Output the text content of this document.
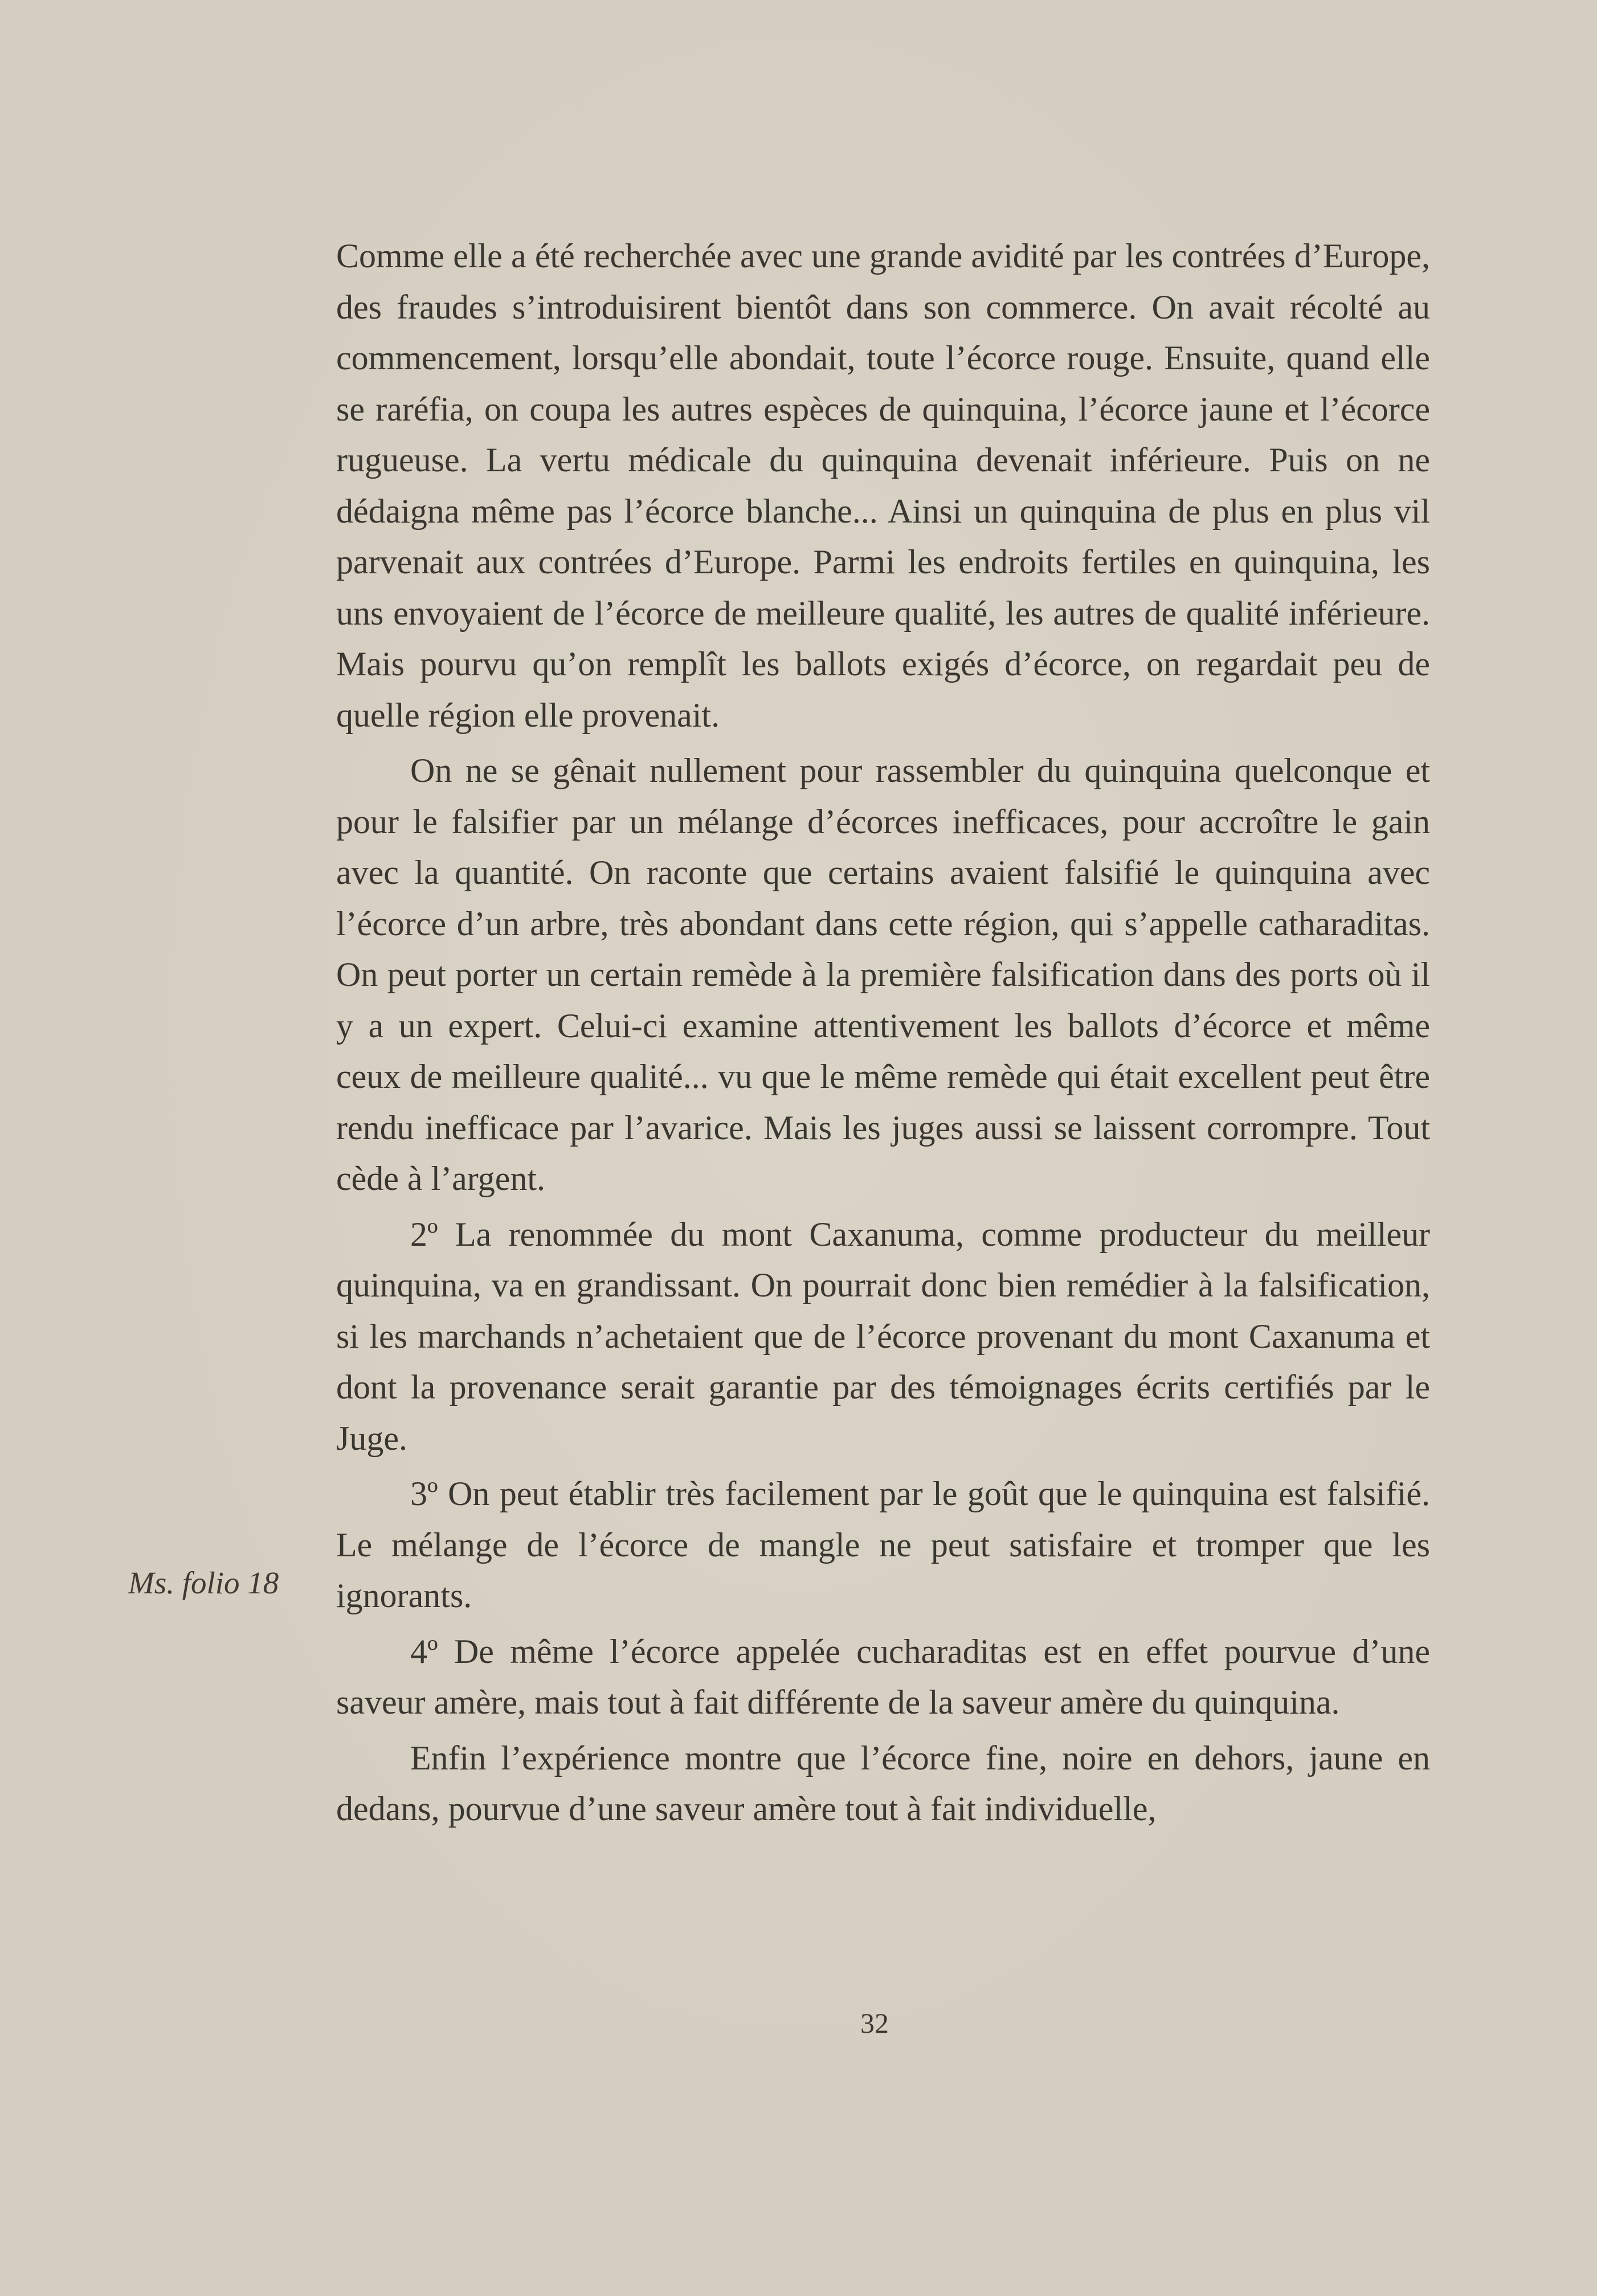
Comme elle a été recherchée avec une grande avidité par les contrées d’Europe, des fraudes s’introduisirent bientôt dans son commerce. On avait récolté au commencement, lorsqu’elle abondait, toute l’écorce rouge. Ensuite, quand elle se raréfia, on coupa les autres espèces de quinquina, l’écorce jaune et l’écorce rugueuse. La vertu médicale du quinquina devenait inférieure. Puis on ne dédaigna même pas l’écorce blanche... Ainsi un quinquina de plus en plus vil parvenait aux contrées d’Europe. Parmi les endroits fertiles en quinquina, les uns envoyaient de l’écorce de meilleure qualité, les autres de qualité inférieure. Mais pourvu qu’on remplît les ballots exigés d’écorce, on regardait peu de quelle région elle provenait.

On ne se gênait nullement pour rassembler du quinquina quelconque et pour le falsifier par un mélange d’écorces inefficaces, pour accroître le gain avec la quantité. On raconte que certains avaient falsifié le quinquina avec l’écorce d’un arbre, très abondant dans cette région, qui s’appelle catharaditas. On peut porter un certain remède à la première falsification dans des ports où il y a un expert. Celui-ci examine attentivement les ballots d’écorce et même ceux de meilleure qualité... vu que le même remède qui était excellent peut être rendu inefficace par l’avarice. Mais les juges aussi se laissent corrompre. Tout cède à l’argent.

2º La renommée du mont Caxanuma, comme producteur du meilleur quinquina, va en grandissant. On pourrait donc bien remédier à la falsification, si les marchands n’achetaient que de l’écorce provenant du mont Caxanuma et dont la provenance serait garantie par des témoignages écrits certifiés par le Juge.

3º On peut établir très facilement par le goût que le quinquina est falsifié. Le mélange de l’écorce de mangle ne peut satisfaire et tromper que les ignorants.

4º De même l’écorce appelée cucharaditas est en effet pourvue d’une saveur amère, mais tout à fait différente de la saveur amère du quinquina.

Enfin l’expérience montre que l’écorce fine, noire en dehors, jaune en dedans, pourvue d’une saveur amère tout à fait individuelle,

Ms. folio 18
32
